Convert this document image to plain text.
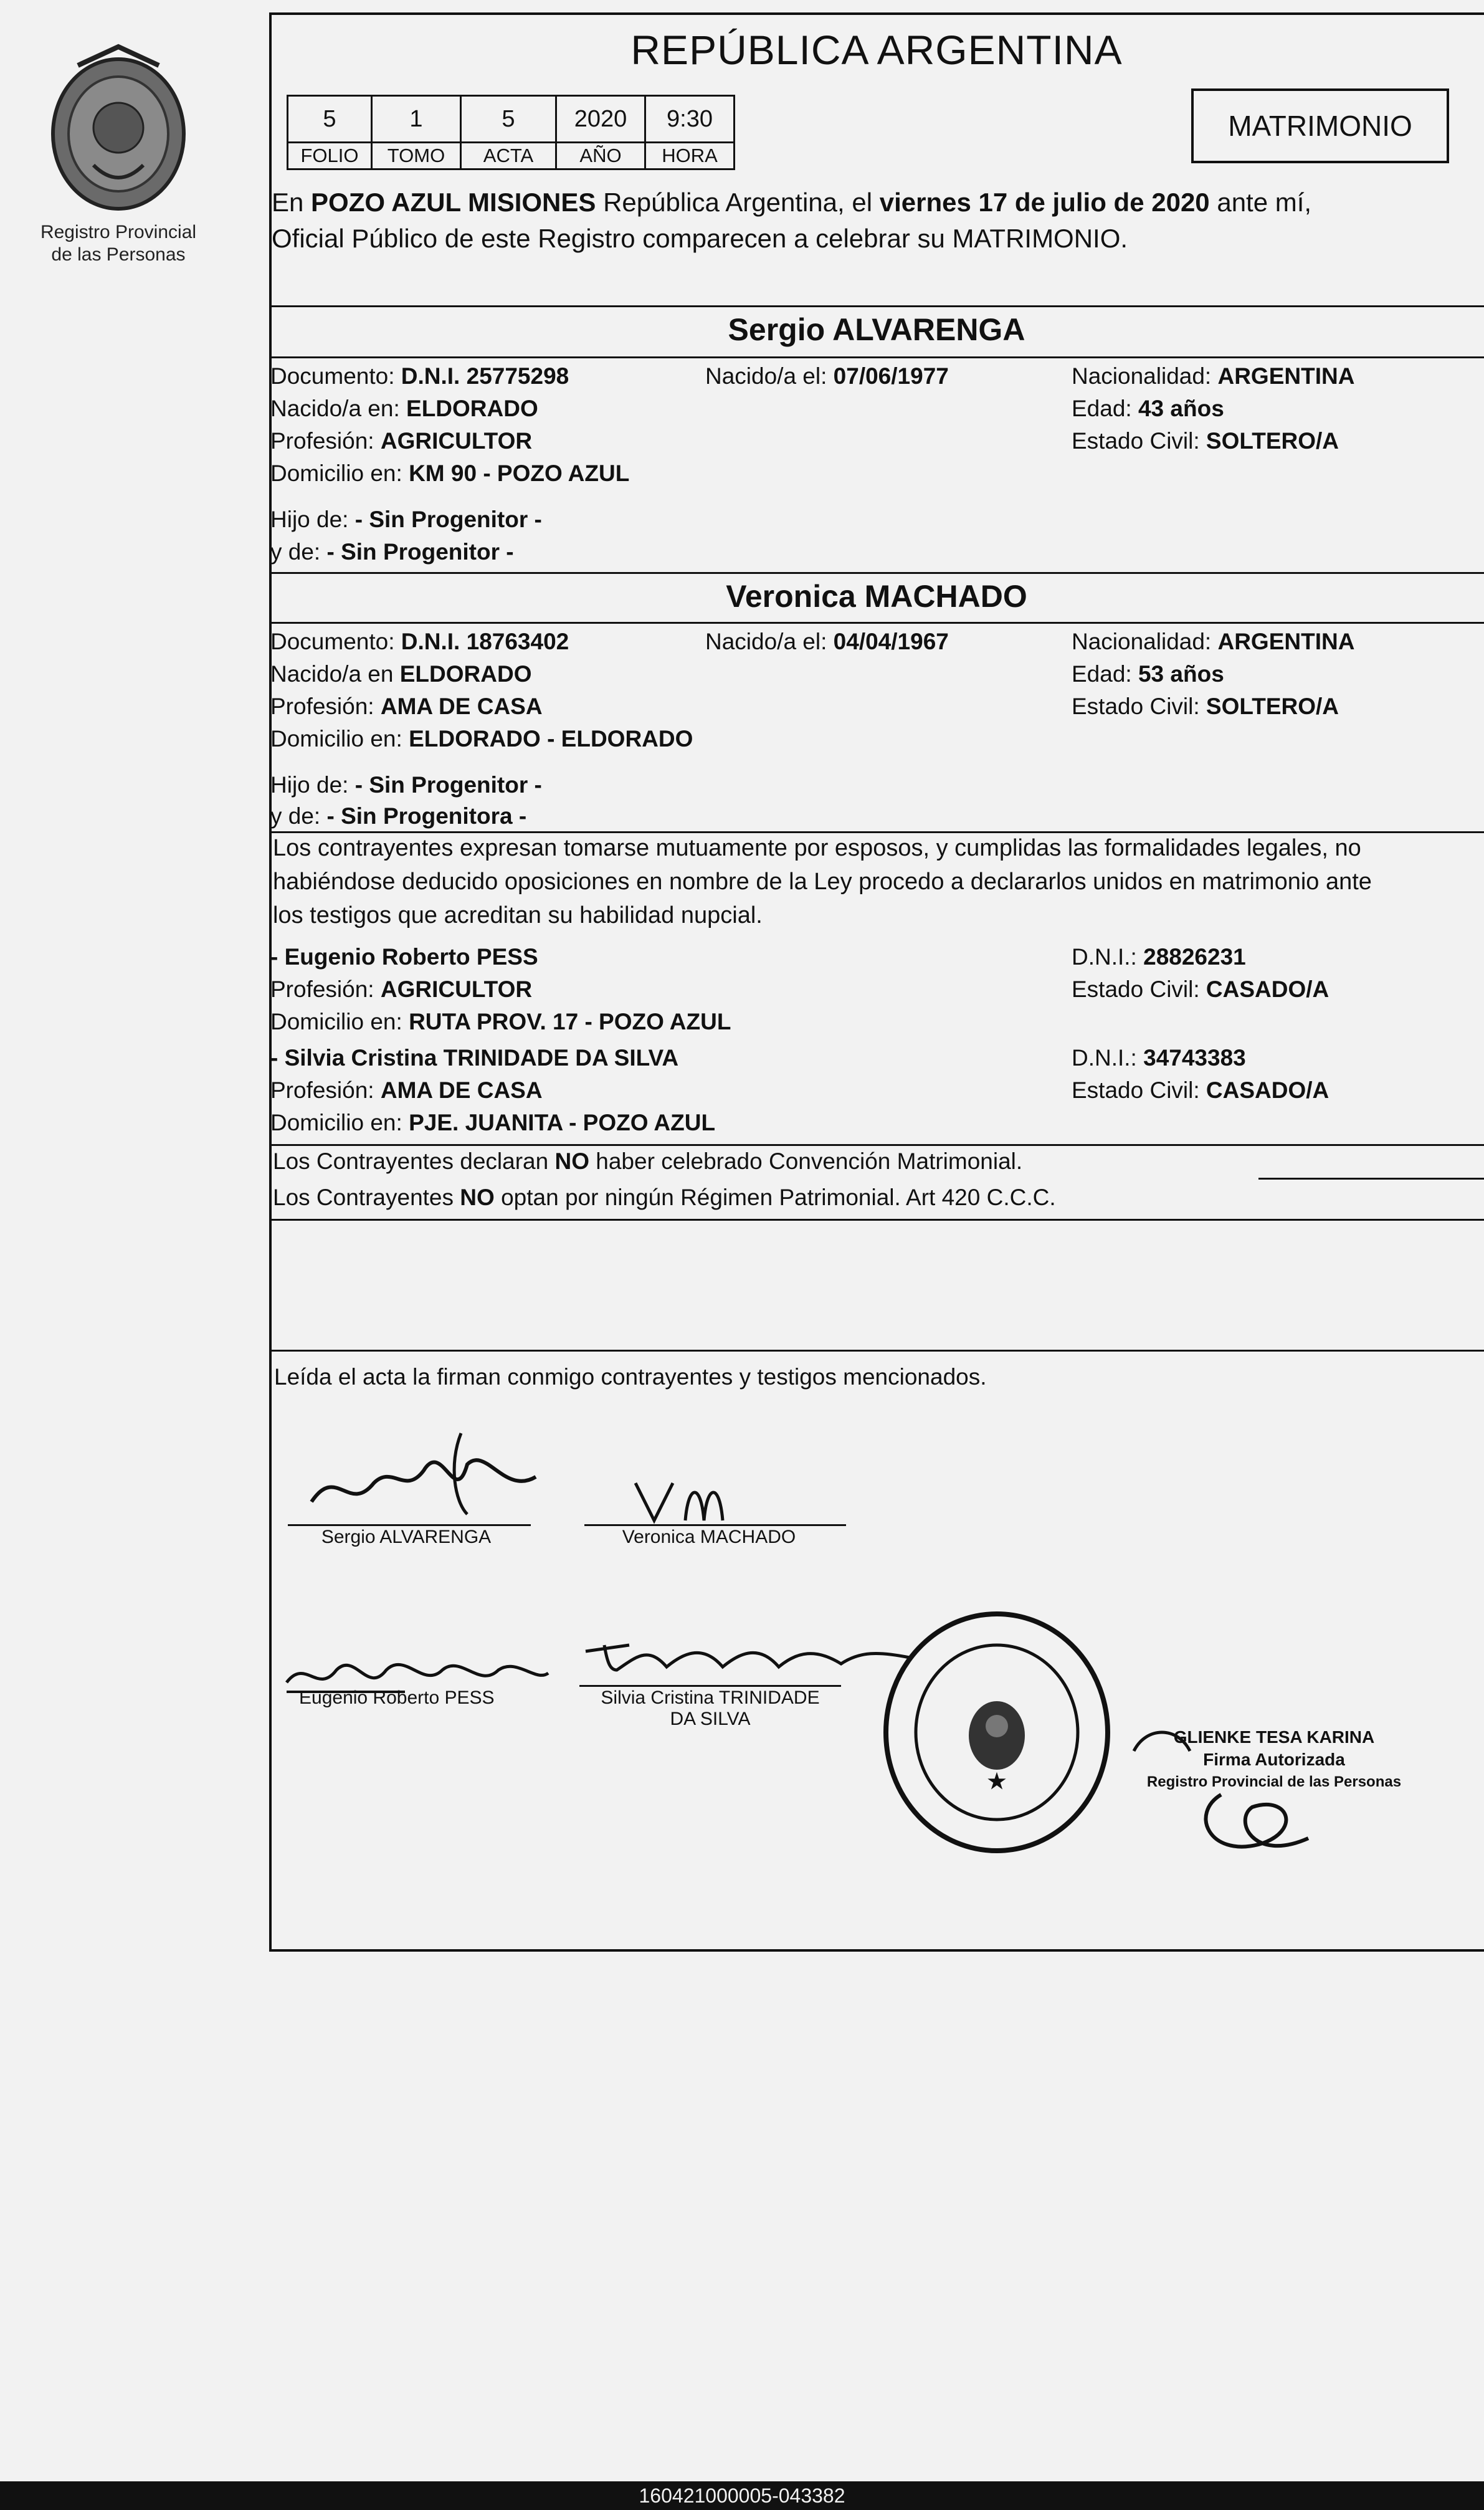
Registro Provincial
de las Personas
REPÚBLICA ARGENTINA
5	1	5	2020	9:30
FOLIO	TOMO	ACTA	AÑO	HORA
MATRIMONIO
En POZO AZUL MISIONES República Argentina, el viernes 17 de julio de 2020 ante mí,
Oficial Público de este Registro comparecen a celebrar su MATRIMONIO.
Sergio ALVARENGA
Documento: D.N.I. 25775298	Nacido/a el: 07/06/1977	Nacionalidad: ARGENTINA
Nacido/a en: ELDORADO	Edad: 43 años
Profesión: AGRICULTOR	Estado Civil: SOLTERO/A
Domicilio en: KM 90 - POZO AZUL
Hijo de: - Sin Progenitor -
y de: - Sin Progenitor -
Veronica MACHADO
Documento: D.N.I. 18763402	Nacido/a el: 04/04/1967	Nacionalidad: ARGENTINA
Nacido/a en ELDORADO	Edad: 53 años
Profesión: AMA DE CASA	Estado Civil: SOLTERO/A
Domicilio en: ELDORADO - ELDORADO
Hijo de: - Sin Progenitor -
y de: - Sin Progenitora -
Los contrayentes expresan tomarse mutuamente por esposos, y cumplidas las formalidades legales, no
habiéndose deducido oposiciones en nombre de la Ley procedo a declararlos unidos en matrimonio ante
los testigos que acreditan su habilidad nupcial.
- Eugenio Roberto PESS	D.N.I.: 28826231
Profesión: AGRICULTOR	Estado Civil: CASADO/A
Domicilio en: RUTA PROV. 17 - POZO AZUL
- Silvia Cristina TRINIDADE DA SILVA	D.N.I.: 34743383
Profesión: AMA DE CASA	Estado Civil: CASADO/A
Domicilio en: PJE. JUANITA - POZO AZUL
Los Contrayentes declaran NO haber celebrado Convención Matrimonial.
Los Contrayentes NO optan por ningún Régimen Patrimonial. Art 420 C.C.C.
Leída el acta la firman conmigo contrayentes y testigos mencionados.
Sergio ALVARENGA	Veronica MACHADO
Eugenio Roberto PESS	Silvia Cristina TRINIDADE
DA SILVA
★
GLIENKE TESA KARINA
Firma Autorizada
Registro Provincial de las Personas
160421000005-043382
